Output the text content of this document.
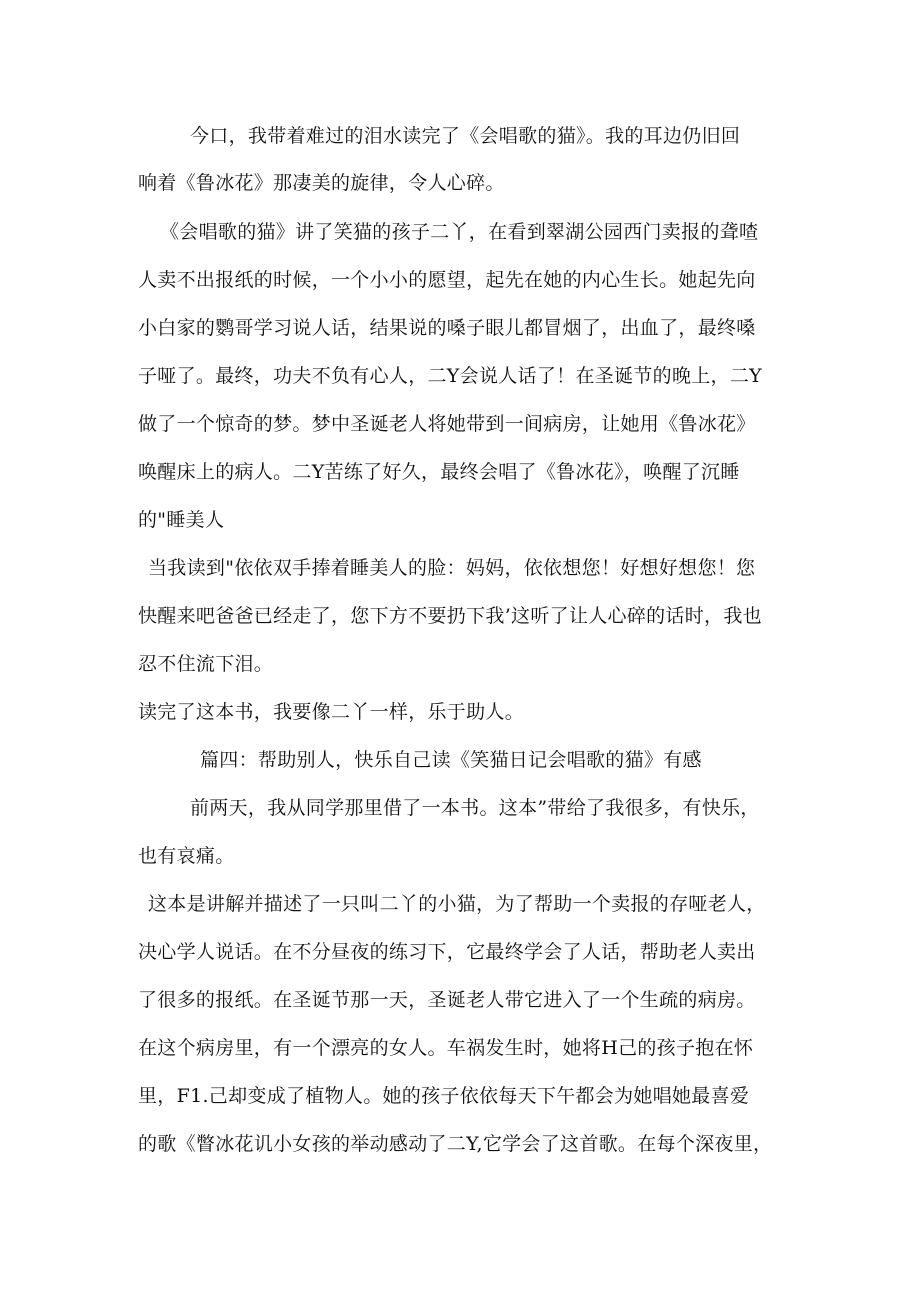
今口，我带着难过的泪水读完了《会唱歌的猫》。我的耳边仍旧回
响着《鲁冰花》那凄美的旋律，令人心碎。
《会唱歌的猫》讲了笑猫的孩子二丫，在看到翠湖公园西门卖报的聋喳
人卖不出报纸的时候，一个小小的愿望，起先在她的内心生长。她起先向
小白家的鹦哥学习说人话，结果说的嗓子眼儿都冒烟了，出血了，最终嗓
子哑了。最终，功夫不负有心人，二Y会说人话了！在圣诞节的晚上，二Y
做了一个惊奇的梦。梦中圣诞老人将她带到一间病房，让她用《鲁冰花》
唤醒床上的病人。二Y苦练了好久，最终会唱了《鲁冰花》，唤醒了沉睡
的"睡美人
当我读到"依依双手捧着睡美人的脸：妈妈，依依想您！好想好想您！您
快醒来吧爸爸已经走了，您下方不要扔下我’这听了让人心碎的话时，我也
忍不住流下泪。
读完了这本书，我要像二丫一样，乐于助人。
篇四：帮助别人，快乐自己读《笑猫日记会唱歌的猫》有感
前两天，我从同学那里借了一本书。这本”带给了我很多，有快乐，
也有哀痛。
这本是讲解并描述了一只叫二丫的小猫，为了帮助一个卖报的存哑老人，
决心学人说话。在不分昼夜的练习下，它最终学会了人话，帮助老人卖出
了很多的报纸。在圣诞节那一天，圣诞老人带它进入了一个生疏的病房。
在这个病房里，有一个漂亮的女人。车祸发生时，她将H己的孩子抱在怀
里，F1.己却变成了植物人。她的孩子依依每天下午都会为她唱她最喜爱
的歌《瞥冰花讥小女孩的举动感动了二Y,它学会了这首歌。在每个深夜里，
